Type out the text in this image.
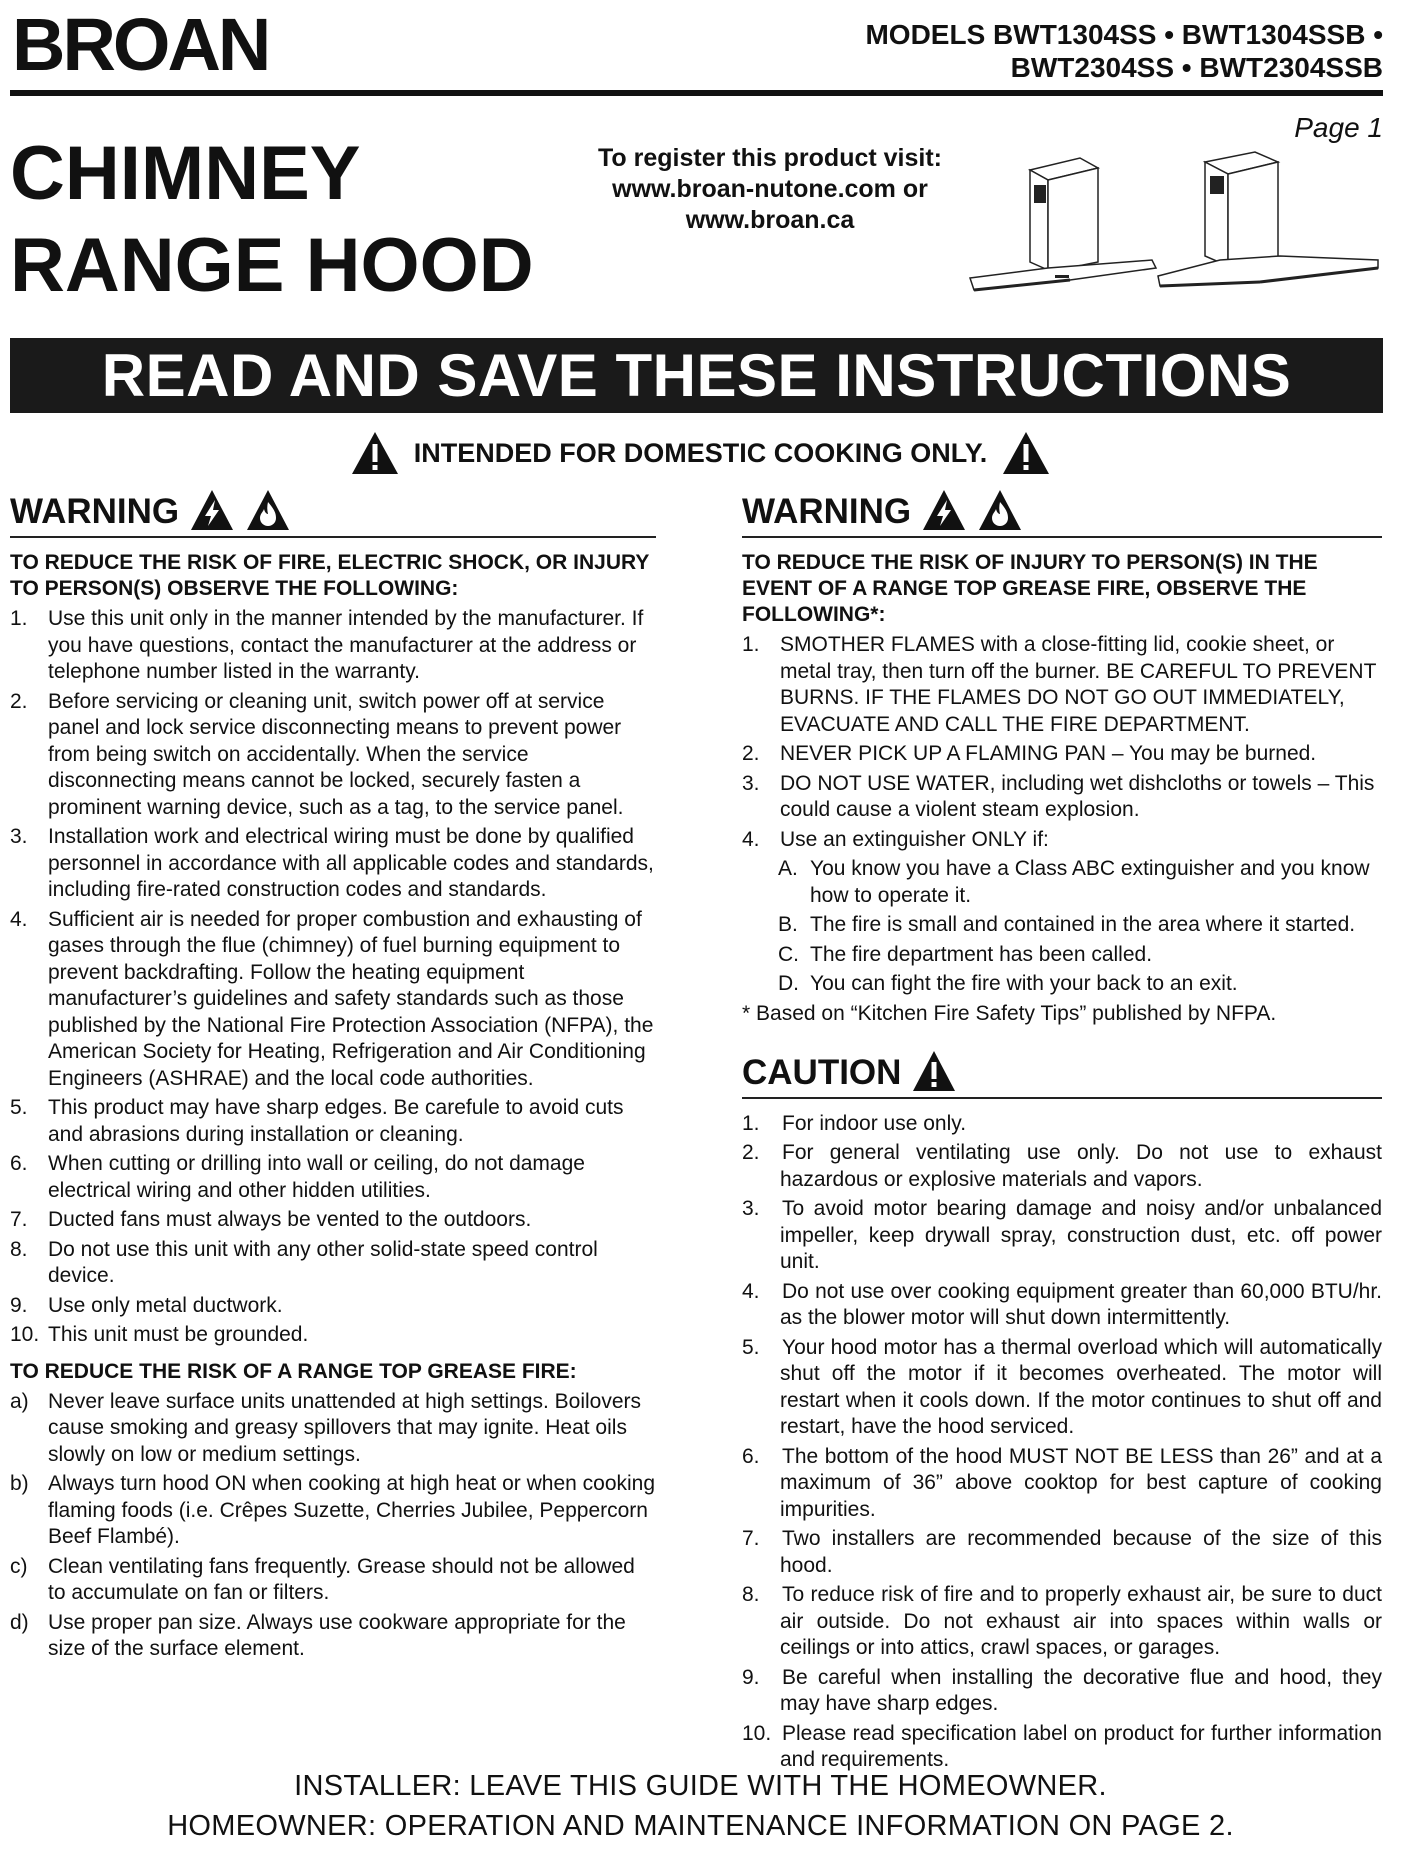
BROAN	MODELS BWT1304SS • BWT1304SSB •
BWT2304SS • BWT2304SSB
Page 1
CHIMNEY
RANGE HOOD
To register this product visit:
www.broan-nutone.com or
www.broan.ca
READ AND SAVE THESE INSTRUCTIONS
INTENDED FOR DOMESTIC COOKING ONLY.
WARNING
TO REDUCE THE RISK OF FIRE, ELECTRIC SHOCK, OR INJURY TO PERSON(S) OBSERVE THE FOLLOWING:
1. Use this unit only in the manner intended by the manufacturer. If you have questions, contact the manufacturer at the address or telephone number listed in the warranty.
2. Before servicing or cleaning unit, switch power off at service panel and lock service disconnecting means to prevent power from being switch on accidentally. When the service disconnecting means cannot be locked, securely fasten a prominent warning device, such as a tag, to the service panel.
3. Installation work and electrical wiring must be done by qualified personnel in accordance with all applicable codes and standards, including fire-rated construction codes and standards.
4. Sufficient air is needed for proper combustion and exhausting of gases through the flue (chimney) of fuel burning equipment to prevent backdrafting. Follow the heating equipment manufacturer’s guidelines and safety standards such as those published by the National Fire Protection Association (NFPA), the American Society for Heating, Refrigeration and Air Conditioning Engineers (ASHRAE) and the local code authorities.
5. This product may have sharp edges. Be carefule to avoid cuts and abrasions during installation or cleaning.
6. When cutting or drilling into wall or ceiling, do not damage electrical wiring and other hidden utilities.
7. Ducted fans must always be vented to the outdoors.
8. Do not use this unit with any other solid-state speed control device.
9. Use only metal ductwork.
10. This unit must be grounded.
TO REDUCE THE RISK OF A RANGE TOP GREASE FIRE:
a) Never leave surface units unattended at high settings. Boilovers cause smoking and greasy spillovers that may ignite. Heat oils slowly on low or medium settings.
b) Always turn hood ON when cooking at high heat or when cooking flaming foods (i.e. Crêpes Suzette, Cherries Jubilee, Peppercorn Beef Flambé).
c) Clean ventilating fans frequently. Grease should not be allowed to accumulate on fan or filters.
d) Use proper pan size. Always use cookware appropriate for the size of the surface element.
WARNING
TO REDUCE THE RISK OF INJURY TO PERSON(S) IN THE EVENT OF A RANGE TOP GREASE FIRE, OBSERVE THE FOLLOWING*:
1. SMOTHER FLAMES with a close-fitting lid, cookie sheet, or metal tray, then turn off the burner. BE CAREFUL TO PREVENT BURNS. IF THE FLAMES DO NOT GO OUT IMMEDIATELY, EVACUATE AND CALL THE FIRE DEPARTMENT.
2. NEVER PICK UP A FLAMING PAN – You may be burned.
3. DO NOT USE WATER, including wet dishcloths or towels – This could cause a violent steam explosion.
4. Use an extinguisher ONLY if:
A. You know you have a Class ABC extinguisher and you know how to operate it.
B. The fire is small and contained in the area where it started.
C. The fire department has been called.
D. You can fight the fire with your back to an exit.
* Based on “Kitchen Fire Safety Tips” published by NFPA.
CAUTION
1. For indoor use only.
2. For general ventilating use only. Do not use to exhaust hazardous or explosive materials and vapors.
3. To avoid motor bearing damage and noisy and/or unbalanced impeller, keep drywall spray, construction dust, etc. off power unit.
4. Do not use over cooking equipment greater than 60,000 BTU/hr. as the blower motor will shut down intermittently.
5. Your hood motor has a thermal overload which will automatically shut off the motor if it becomes overheated. The motor will restart when it cools down. If the motor continues to shut off and restart, have the hood serviced.
6. The bottom of the hood MUST NOT BE LESS than 26” and at a maximum of 36” above cooktop for best capture of cooking impurities.
7. Two installers are recommended because of the size of this hood.
8. To reduce risk of fire and to properly exhaust air, be sure to duct air outside. Do not exhaust air into spaces within walls or ceilings or into attics, crawl spaces, or garages.
9. Be careful when installing the decorative flue and hood, they may have sharp edges.
10. Please read specification label on product for further information and requirements.
INSTALLER: LEAVE THIS GUIDE WITH THE HOMEOWNER.
HOMEOWNER: OPERATION AND MAINTENANCE INFORMATION ON PAGE 2.
